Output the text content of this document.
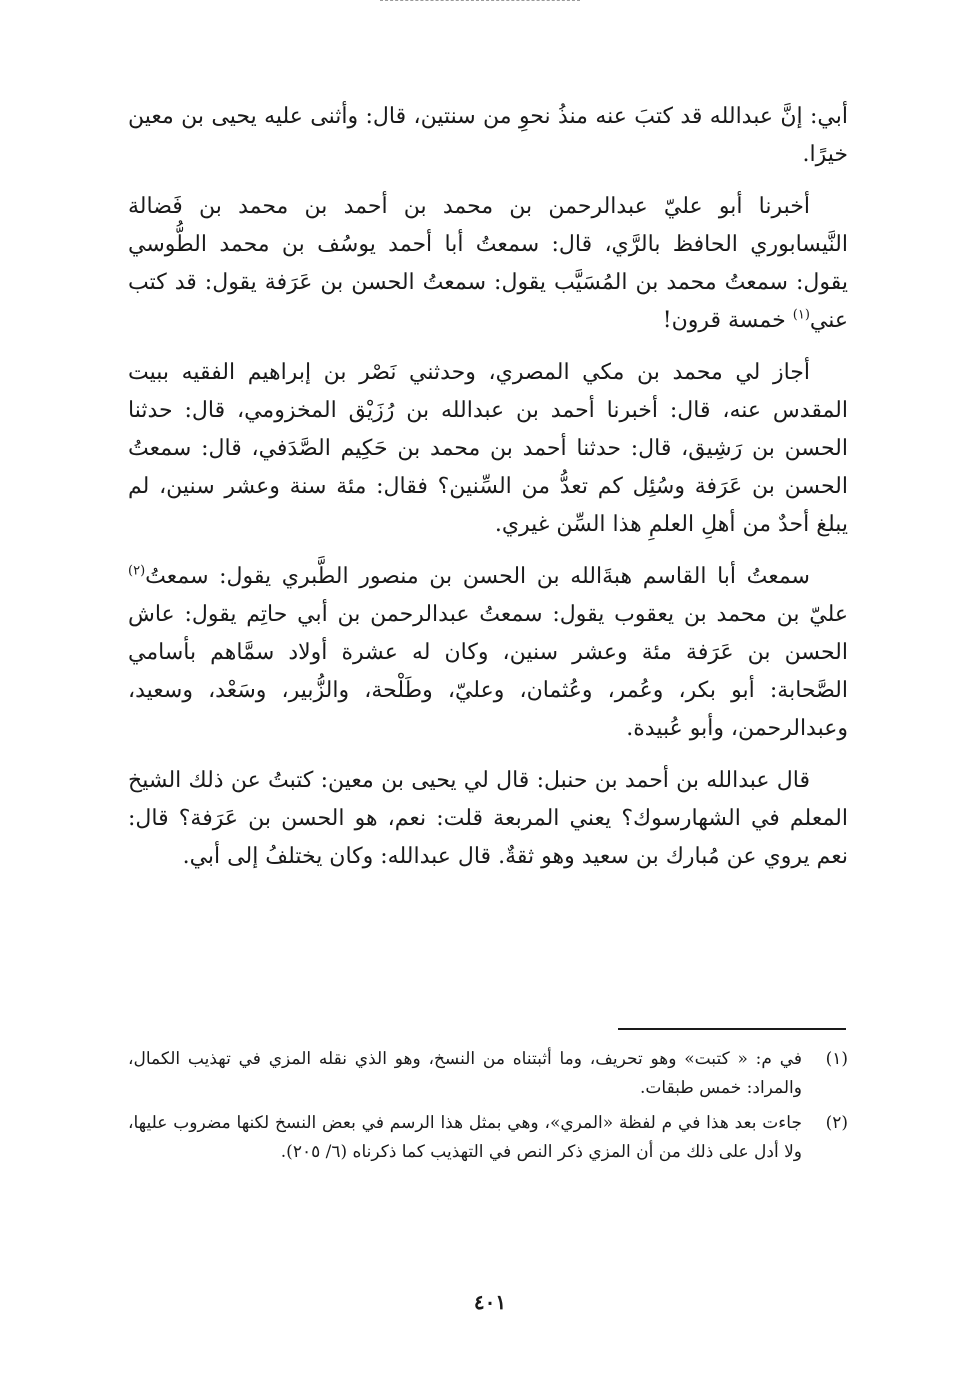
أبي: إنَّ عبدالله قد كتبَ عنه منذُ نحوِ من سنتين، قال: وأثنى عليه يحيى بن معين خيرًا.

أخبرنا أبو عليّ عبدالرحمن بن محمد بن أحمد بن محمد بن فَضالة النَّيسابوري الحافظ بالرَّي، قال: سمعتُ أبا أحمد يوسُف بن محمد الطُّوسي يقول: سمعتُ محمد بن المُسَيَّب يقول: سمعتُ الحسن بن عَرَفة يقول: قد كتب عني$^{(١)}$ خمسة قرون!

أجاز لي محمد بن مكي المصري، وحدثني نَصْر بن إبراهيم الفقيه ببيت المقدس عنه، قال: أخبرنا أحمد بن عبدالله بن رُزَيْق المخزومي، قال: حدثنا الحسن بن رَشِيق، قال: حدثنا أحمد بن محمد بن حَكِيم الصَّدَفي، قال: سمعتُ الحسن بن عَرَفة وسُئِل كم تعدُّ من السِّنين؟ فقال: مئة سنة وعشر سنين، لم يبلغ أحدٌ من أهلِ العلمِ هذا السِّن غيري.

سمعتُ أبا القاسم هبةَالله بن الحسن بن منصور الطَّبري يقول: سمعتُ$^{(٢)}$ عليّ بن محمد بن يعقوب يقول: سمعتُ عبدالرحمن بن أبي حاتِم يقول: عاش الحسن بن عَرَفة مئة وعشر سنين، وكان له عشرة أولاد سمَّاهم بأسامي الصَّحابة: أبو بكر، وعُمر، وعُثمان، وعليّ، وطَلْحة، والزُّبير، وسَعْد، وسعيد، وعبدالرحمن، وأبو عُبيدة.

قال عبدالله بن أحمد بن حنبل: قال لي يحيى بن معين: كتبتُ عن ذلك الشيخ المعلم في الشهارسوك؟ يعني المربعة قلت: نعم، هو الحسن بن عَرَفة؟ قال: نعم يروي عن مُبارك بن سعيد وهو ثقةٌ. قال عبدالله: وكان يختلفُ إلى أبي.

(١)
في م: « كتبت» وهو تحريف، وما أثبتناه من النسخ، وهو الذي نقله المزي في تهذيب الكمال، والمراد: خمس طبقات.
(٢)
جاءت بعد هذا في م لفظة «المري»، وهي بمثل هذا الرسم في بعض النسخ لكنها مضروب عليها، ولا أدل على ذلك من أن المزي ذكر النص في التهذيب كما ذكرناه (٦/ ٢٠٥).
٤٠١
